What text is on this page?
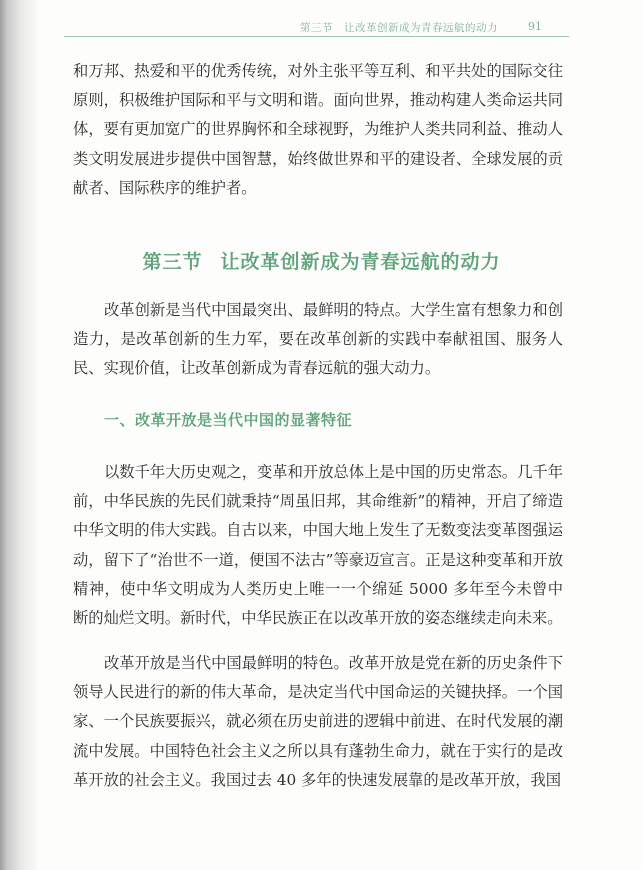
第三节　让改革创新成为青春远航的动力	91

和万邦、热爱和平的优秀传统，对外主张平等互利、和平共处的国际交往原则，积极维护国际和平与文明和谐。面向世界，推动构建人类命运共同体，要有更加宽广的世界胸怀和全球视野，为维护人类共同利益、推动人类文明发展进步提供中国智慧，始终做世界和平的建设者、全球发展的贡献者、国际秩序的维护者。

第三节 让改革创新成为青春远航的动力

改革创新是当代中国最突出、最鲜明的特点。大学生富有想象力和创造力，是改革创新的生力军，要在改革创新的实践中奉献祖国、服务人民、实现价值，让改革创新成为青春远航的强大动力。

一、改革开放是当代中国的显著特征

以数千年大历史观之，变革和开放总体上是中国的历史常态。几千年前，中华民族的先民们就秉持“周虽旧邦，其命维新”的精神，开启了缔造中华文明的伟大实践。自古以来，中国大地上发生了无数变法变革图强运动，留下了“治世不一道，便国不法古”等豪迈宣言。正是这种变革和开放精神，使中华文明成为人类历史上唯一一个绵延 5000 多年至今未曾中断的灿烂文明。新时代，中华民族正在以改革开放的姿态继续走向未来。

改革开放是当代中国最鲜明的特色。改革开放是党在新的历史条件下领导人民进行的新的伟大革命，是决定当代中国命运的关键抉择。一个国家、一个民族要振兴，就必须在历史前进的逻辑中前进、在时代发展的潮流中发展。中国特色社会主义之所以具有蓬勃生命力，就在于实行的是改革开放的社会主义。我国过去 40 多年的快速发展靠的是改革开放，我国
